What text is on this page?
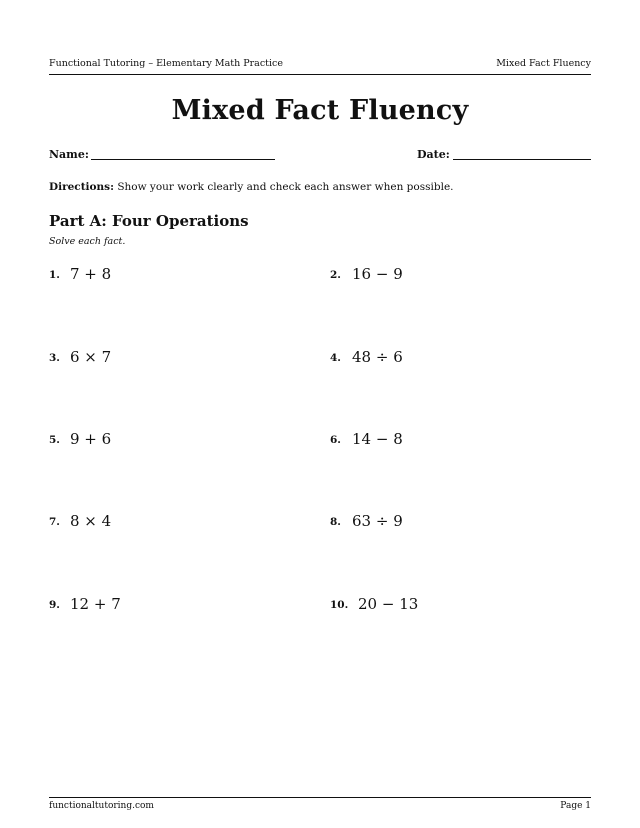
Functional Tutoring – Elementary Math Practice	Mixed Fact Fluency
Mixed Fact Fluency
Name:	Date:
Directions: Show your work clearly and check each answer when possible.
Part A: Four Operations
Solve each fact.
1. 7 + 8	2. 16 − 9
3. 6 × 7	4. 48 ÷ 6
5. 9 + 6	6. 14 − 8
7. 8 × 4	8. 63 ÷ 9
9. 12 + 7	10. 20 − 13
functionaltutoring.com	Page 1
